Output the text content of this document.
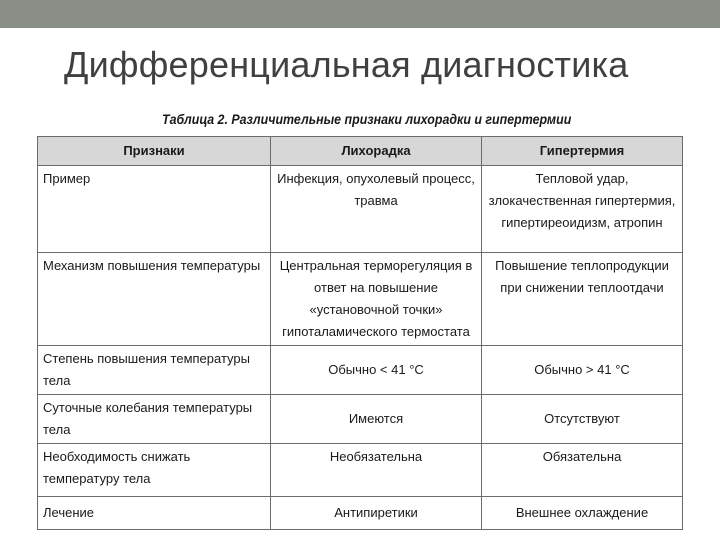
Дифференциальная диагностика
Таблица 2. Различительные признаки лихорадки и гипертермии
Признаки	Лихорадка	Гипертермия
Пример	Инфекция, опухолевый процесс, травма	Тепловой удар, злокачественная гипертермия, гипертиреоидизм, атропин
Механизм повышения температуры	Центральная терморегуляция в ответ на повышение «установочной точки» гипоталамического термостата	Повышение теплопродукции при снижении теплоотдачи
Степень повышения температуры тела	Обычно < 41 °С	Обычно > 41 °С
Суточные колебания температуры тела	Имеются	Отсутствуют
Необходимость снижать температуру тела	Необязательна	Обязательна
Лечение	Антипиретики	Внешнее охлаждение
